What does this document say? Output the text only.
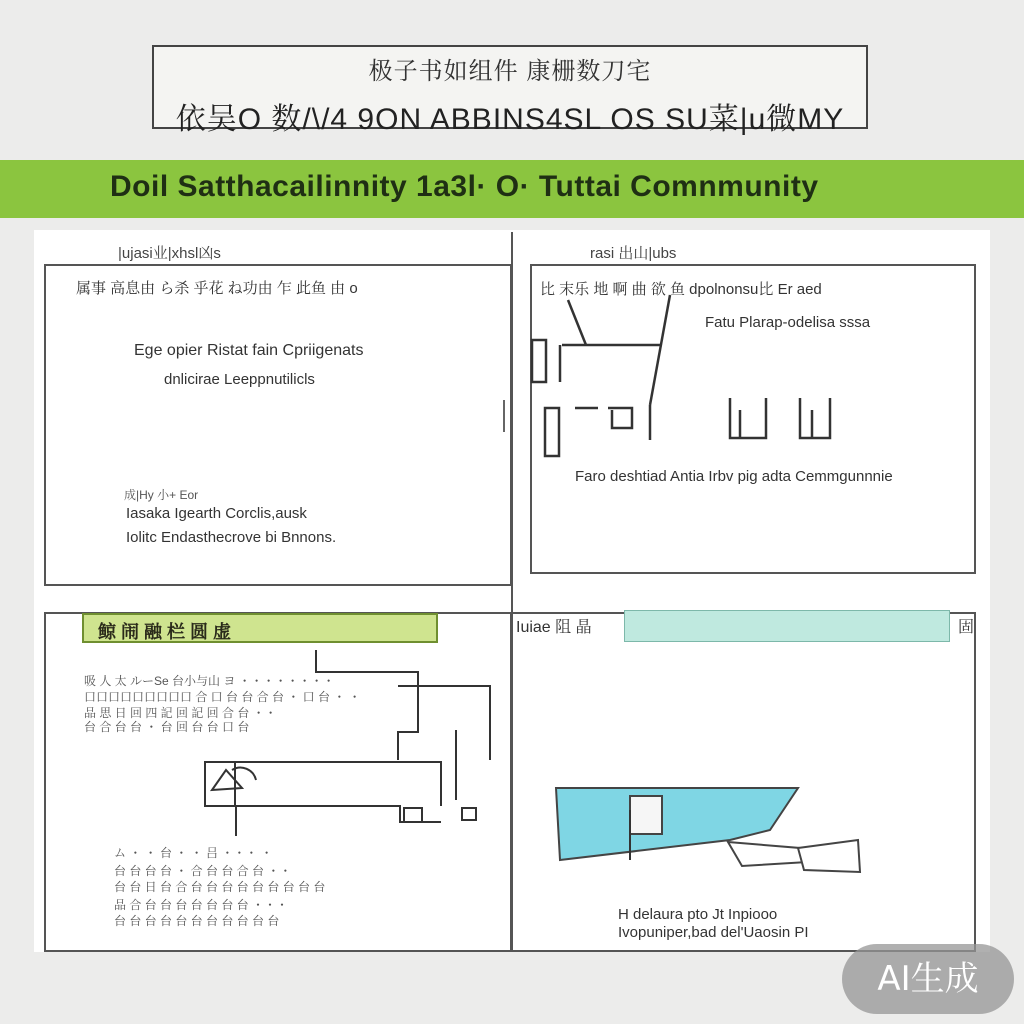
极子书如组件 康栅数刀宅
依吴O 数/\/4 9ON ABBINS4SL OS SU菜|u微MY
Doil Satthacailinnity 1a3l· O· Tuttai Comnmunity
|ujasi业|xhsl凶s
属事 高息由 ら杀 乎花 ね功由 乍 此鱼 由 o
Ege opier Ristat fain Cpriigenats
dnlicirae Leeppnutilicls
成|Hy 小+ Eor
Iasaka Igearth Corclis,ausk
Iolitc Endasthecrove bi Bnnons.
rasi 出山|ubs
比 末乐 地 啊 曲 欲 鱼 dpolnonsu比 Er aed
Fatu Plarap-odelisa sssa
Faro deshtiad Antia Irbv pig adta Cemmgunnnie
鲸 闹 融 栏 圆 虚
吸 人 太 ルーSe 台小与山 ヨ ・・・・・・・・
口口口口口口口口口 合 口 台 台 合 台 ・ 口 台 ・ ・
品 思 日 回 四 記 回 記 回 合 台 ・・
台 合 台 台 ・ 台 回 台 台 口 台
ム ・ ・ 台 ・ ・ 吕 ・・・ ・
台 台 台 台 ・ 合 台 台 合 台 ・・
台 台 日 台 合 台 台 台 台 台 台 台 台 台
品 合 台 台 台 台 台 台 台 ・・・
台 台 台 台 台 台 台 台 台 台 台
Iuiae 阻 晶	固
H delaura pto Jt Inpiooo
Ivopuniper,bad del'Uaosin PI
AI生成
